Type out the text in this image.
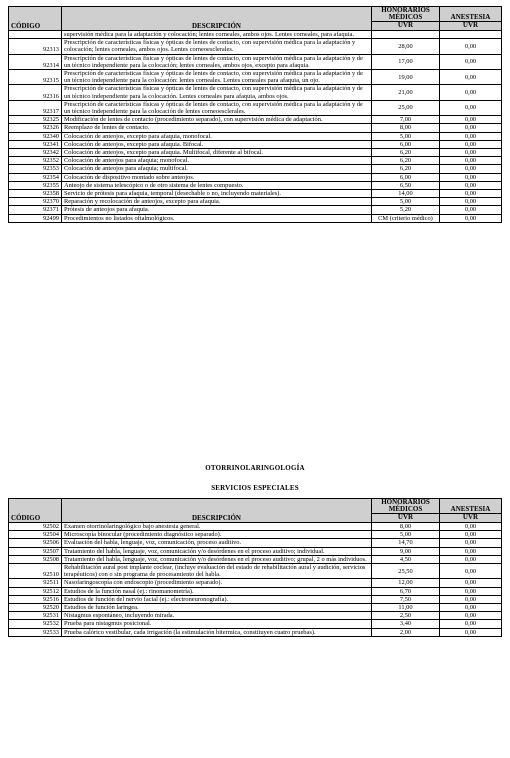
CÓDIGO	DESCRIPCIÓN	HONORARIOS MÉDICOS	ANESTESIA
		UVR	UVR
	supervisión médica para la adaptación y colocación; lentes corneales, ambos ojos. Lentes corneales, para afaquia.		
92313	Prescripción de características físicas y ópticas de lentes de contacto, con supervisión médica para la adaptación y colocación; lentes corneales, ambos ojos. Lentes corneoesclerales.	28,00	0,00
92314	Prescripción de características físicas y ópticas de lentes de contacto, con supervisión médica para la adaptación y de un técnico independiente para la colocación; lentes corneales, ambos ojos, excepto para afaquia.	17,00	0,00
92315	Prescripción de características físicas y ópticas de lentes de contacto, con supervisión médica para la adaptación y de un técnico independiente para la colocación: lentes corneales. Lentes corneales para afaquia, un ojo.	19,00	0,00
92316	Prescripción de características físicas y ópticas de lentes de contacto, con supervisión médica para la adaptación y de un técnico independiente para la colocación. Lentes corneales para afaquia, ambos ojos.	21,00	0,00
92317	Prescripción de características físicas y ópticas de lentes de contacto, con supervisión médica para la adaptación y de un técnico independiente para la colocación de lentes corneoesclerales.	25,00	0,00
92325	Modificación de lentes de contacto (procedimiento separado), con supervisión médica de adaptación.	7,00	0,00
92326	Reemplazo de lentes de contacto.	8,00	0,00
92340	Colocación de anteojos, excepto para afaquia, monofocal.	5,00	0,00
92341	Colocación de anteojos, excepto para afaquia. Bifocal.	6,00	0,00
92342	Colocación de anteojos, excepto para afaquia. Multifocal, diferente al bifocal.	6,20	0,00
92352	Colocación de anteojos para afaquia; monofocal.	6,20	0,00
92353	Colocación de anteojos para afaquia; multifocal.	6,20	0,00
92354	Colocación de dispositivo montado sobre anteojos.	6,00	0,00
92355	Anteojo de sistema telescópico o de otro sistema de lentes compuesto.	6,50	0,00
92358	Servicio de prótesis para afaquia, temporal (desechable o no, incluyendo materiales).	14,00	0,00
92370	Reparación y recolocación de anteojos, excepto para afaquia.	5,00	0,00
92371	Prótesis de anteojos para afaquia.	5,20	0,00
92499	Procedimientos no listados oftalmológicos.	CM (criterio médico)	0,00
OTORRINOLARINGOLOGÍA
SERVICIOS ESPECIALES
CÓDIGO	DESCRIPCIÓN	HONORARIOS MÉDICOS	ANESTESIA
		UVR	UVR
92502	Examen otorrinolaringológico bajo anestesia general.	8,00	0,00
92504	Microscopía binocular (procedimiento diagnóstico separado).	5,00	0,00
92506	Evaluación del habla, lenguaje, voz, comunicación, proceso auditivo.	14,70	0,00
92507	Tratamiento del habla, lenguaje, voz, comunicación y/o desórdenes en el proceso auditivo; individual.	9,00	0,00
92508	Tratamiento del habla, lenguaje, voz, comunicación y/o desórdenes en el proceso auditivo; grupal, 2 o más individuos.	4,50	0,00
92510	Rehabilitación aural post implante coclear, (incluye evaluación del estado de rehabilitación aural y audición, servicios terapéuticos) con o sin programa de procesamiento del habla.	25,50	0,00
92511	Nasofaringoscopía con endoscopio (procedimiento separado).	12,00	0,00
92512	Estudios de la función nasal (ej.: rinomanometría).	6,70	0,00
92516	Estudios de función del nervio facial (ej.: electroneuronografía).	7,50	0,00
92520	Estudios de función laringea.	11,00	0,00
92531	Nistagmus espontáneo, incluyendo mirada.	2,50	0,00
92532	Prueba para nistagmus posicional.	3,40	0,00
92533	Prueba calórico vestibular, cada irrigación (la estimulación bitermica, constituyen cuatro pruebas).	2,00	0,00
